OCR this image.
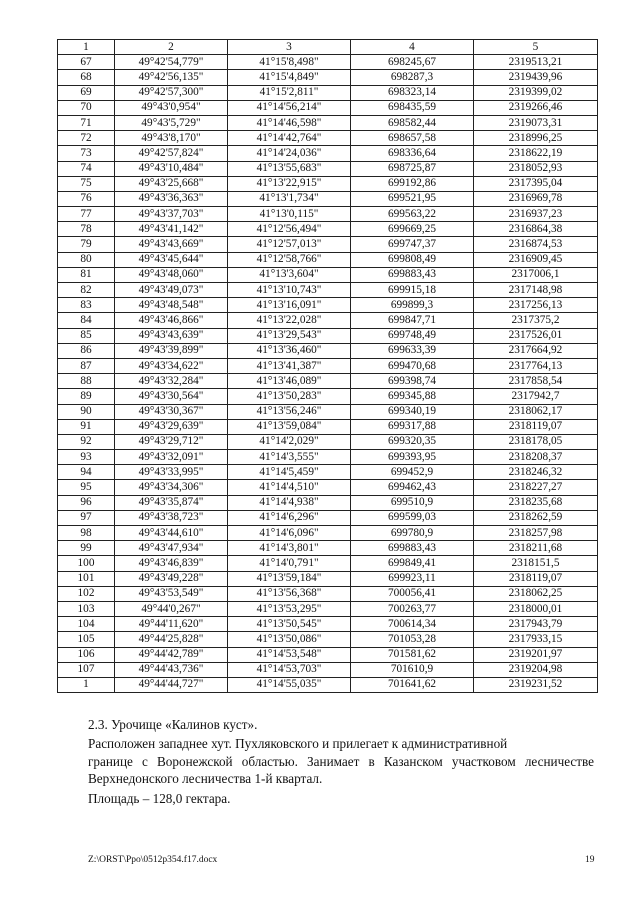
1	2	3	4	5
67	49°42'54,779"	41°15'8,498"	698245,67	2319513,21
68	49°42'56,135"	41°15'4,849"	698287,3	2319439,96
69	49°42'57,300"	41°15'2,811"	698323,14	2319399,02
70	49°43'0,954"	41°14'56,214"	698435,59	2319266,46
71	49°43'5,729"	41°14'46,598"	698582,44	2319073,31
72	49°43'8,170"	41°14'42,764"	698657,58	2318996,25
73	49°42'57,824"	41°14'24,036"	698336,64	2318622,19
74	49°43'10,484"	41°13'55,683"	698725,87	2318052,93
75	49°43'25,668"	41°13'22,915"	699192,86	2317395,04
76	49°43'36,363"	41°13'1,734"	699521,95	2316969,78
77	49°43'37,703"	41°13'0,115"	699563,22	2316937,23
78	49°43'41,142"	41°12'56,494"	699669,25	2316864,38
79	49°43'43,669"	41°12'57,013"	699747,37	2316874,53
80	49°43'45,644"	41°12'58,766"	699808,49	2316909,45
81	49°43'48,060"	41°13'3,604"	699883,43	2317006,1
82	49°43'49,073"	41°13'10,743"	699915,18	2317148,98
83	49°43'48,548"	41°13'16,091"	699899,3	2317256,13
84	49°43'46,866"	41°13'22,028"	699847,71	2317375,2
85	49°43'43,639"	41°13'29,543"	699748,49	2317526,01
86	49°43'39,899"	41°13'36,460"	699633,39	2317664,92
87	49°43'34,622"	41°13'41,387"	699470,68	2317764,13
88	49°43'32,284"	41°13'46,089"	699398,74	2317858,54
89	49°43'30,564"	41°13'50,283"	699345,88	2317942,7
90	49°43'30,367"	41°13'56,246"	699340,19	2318062,17
91	49°43'29,639"	41°13'59,084"	699317,88	2318119,07
92	49°43'29,712"	41°14'2,029"	699320,35	2318178,05
93	49°43'32,091"	41°14'3,555"	699393,95	2318208,37
94	49°43'33,995"	41°14'5,459"	699452,9	2318246,32
95	49°43'34,306"	41°14'4,510"	699462,43	2318227,27
96	49°43'35,874"	41°14'4,938"	699510,9	2318235,68
97	49°43'38,723"	41°14'6,296"	699599,03	2318262,59
98	49°43'44,610"	41°14'6,096"	699780,9	2318257,98
99	49°43'47,934"	41°14'3,801"	699883,43	2318211,68
100	49°43'46,839"	41°14'0,791"	699849,41	2318151,5
101	49°43'49,228"	41°13'59,184"	699923,11	2318119,07
102	49°43'53,549"	41°13'56,368"	700056,41	2318062,25
103	49°44'0,267"	41°13'53,295"	700263,77	2318000,01
104	49°44'11,620"	41°13'50,545"	700614,34	2317943,79
105	49°44'25,828"	41°13'50,086"	701053,28	2317933,15
106	49°44'42,789"	41°14'53,548"	701581,62	2319201,97
107	49°44'43,736"	41°14'53,703"	701610,9	2319204,98
1	49°44'44,727"	41°14'55,035"	701641,62	2319231,52
2.3. Урочище «Калинов куст».
Расположен западнее хут. Пухляковского и прилегает к административной
границе с Воронежской областью. Занимает в Казанском участковом лесничестве Верхнедонского лесничества 1-й квартал.
Площадь – 128,0 гектара.
Z:\ORST\Ppo\0512p354.f17.docx	19
